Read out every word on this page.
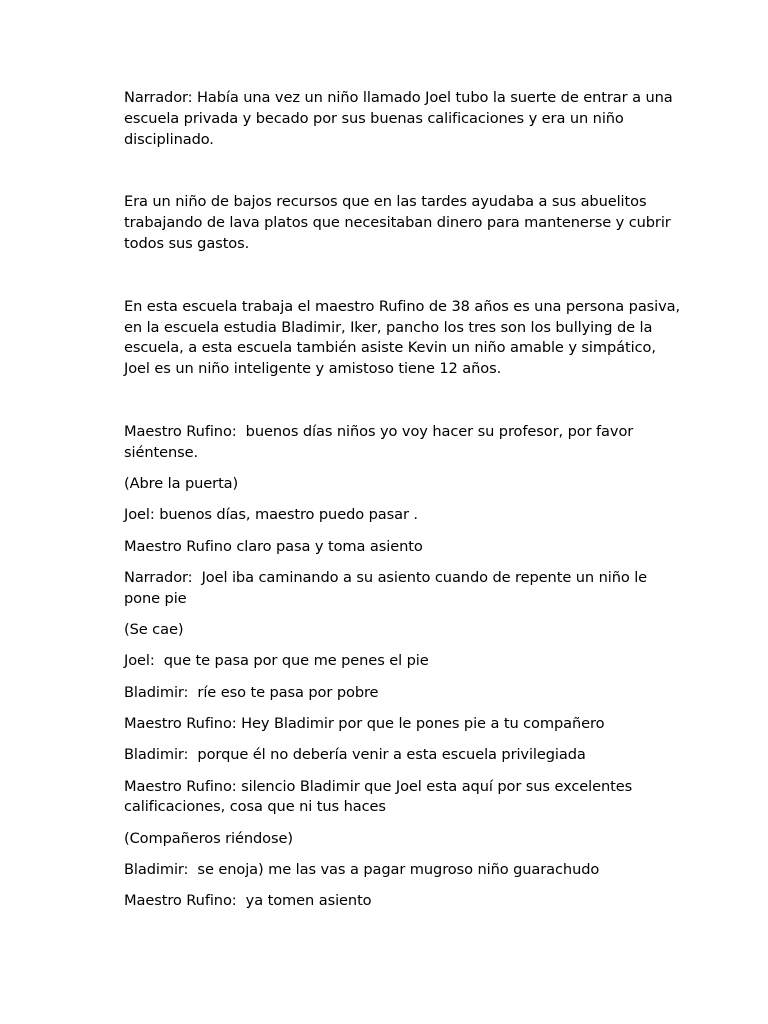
Narrador: Había una vez un niño llamado Joel tubo la suerte de entrar a una escuela privada y becado por sus buenas calificaciones y era un niño disciplinado.

Era un niño de bajos recursos que en las tardes ayudaba a sus abuelitos trabajando de lava platos que necesitaban dinero para mantenerse y cubrir todos sus gastos.

En esta escuela trabaja el maestro Rufino de 38 años es una persona pasiva, en la escuela estudia Bladimir, Iker, pancho los tres son los bullying de la escuela, a esta escuela también asiste Kevin un niño amable y simpático, Joel es un niño inteligente y amistoso tiene 12 años.

Maestro Rufino:  buenos días niños yo voy hacer su profesor, por favor siéntense.

(Abre la puerta)

Joel: buenos días, maestro puedo pasar .

Maestro Rufino claro pasa y toma asiento

Narrador:  Joel iba caminando a su asiento cuando de repente un niño le pone pie

(Se cae)

Joel:  que te pasa por que me penes el pie

Bladimir:  ríe eso te pasa por pobre

Maestro Rufino: Hey Bladimir por que le pones pie a tu compañero

Bladimir:  porque él no debería venir a esta escuela privilegiada

Maestro Rufino: silencio Bladimir que Joel esta aquí por sus excelentes calificaciones, cosa que ni tus haces

(Compañeros riéndose)

Bladimir:  se enoja) me las vas a pagar mugroso niño guarachudo

Maestro Rufino:  ya tomen asiento
